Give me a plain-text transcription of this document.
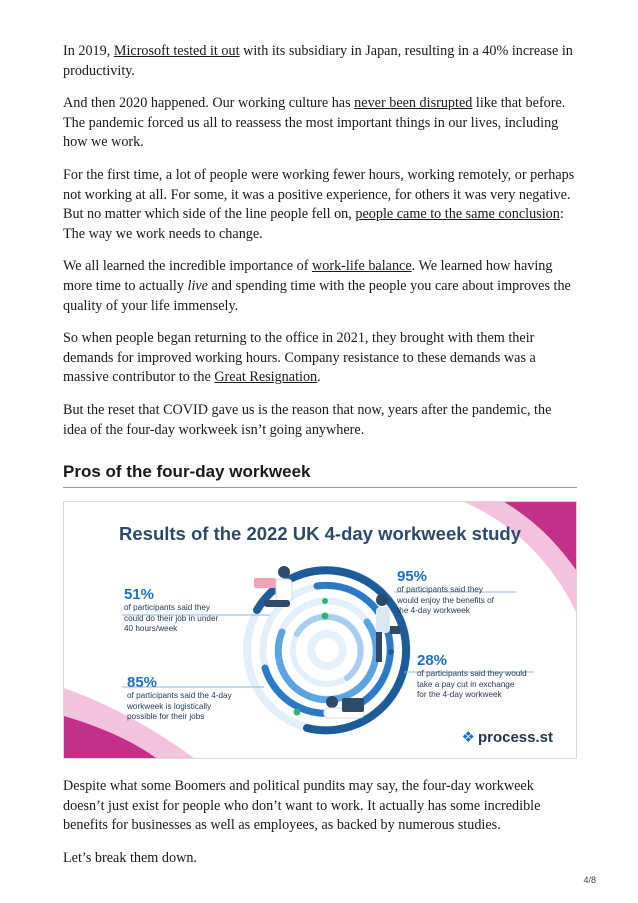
In 2019, Microsoft tested it out with its subsidiary in Japan, resulting in a 40% increase in productivity.

And then 2020 happened. Our working culture has never been disrupted like that before. The pandemic forced us all to reassess the most important things in our lives, including how we work.

For the first time, a lot of people were working fewer hours, working remotely, or perhaps not working at all. For some, it was a positive experience, for others it was very negative. But no matter which side of the line people fell on, people came to the same conclusion: The way we work needs to change.

We all learned the incredible importance of work-life balance. We learned how having more time to actually live and spending time with the people you care about improves the quality of your life immensely.

So when people began returning to the office in 2021, they brought with them their demands for improved working hours. Company resistance to these demands was a massive contributor to the Great Resignation.

But the reset that COVID gave us is the reason that now, years after the pandemic, the idea of the four-day workweek isn’t going anywhere.

Pros of the four-day workweek
Results of the 2022 UK 4-day workweek study
51%
of participants said they
could do their job in under
40 hours/week
95%
of participants said they
would enjoy the benefits of
the 4-day workweek
85%
of participants said the 4-day
workweek is logistically
possible for their jobs
28%
of participants said they would
take a pay cut in exchange
for the 4-day workweek
❖ process.st

Despite what some Boomers and political pundits may say, the four-day workweek doesn’t just exist for people who don’t want to work. It actually has some incredible benefits for businesses as well as employees, as backed by numerous studies.

Let’s break them down.

4/8
